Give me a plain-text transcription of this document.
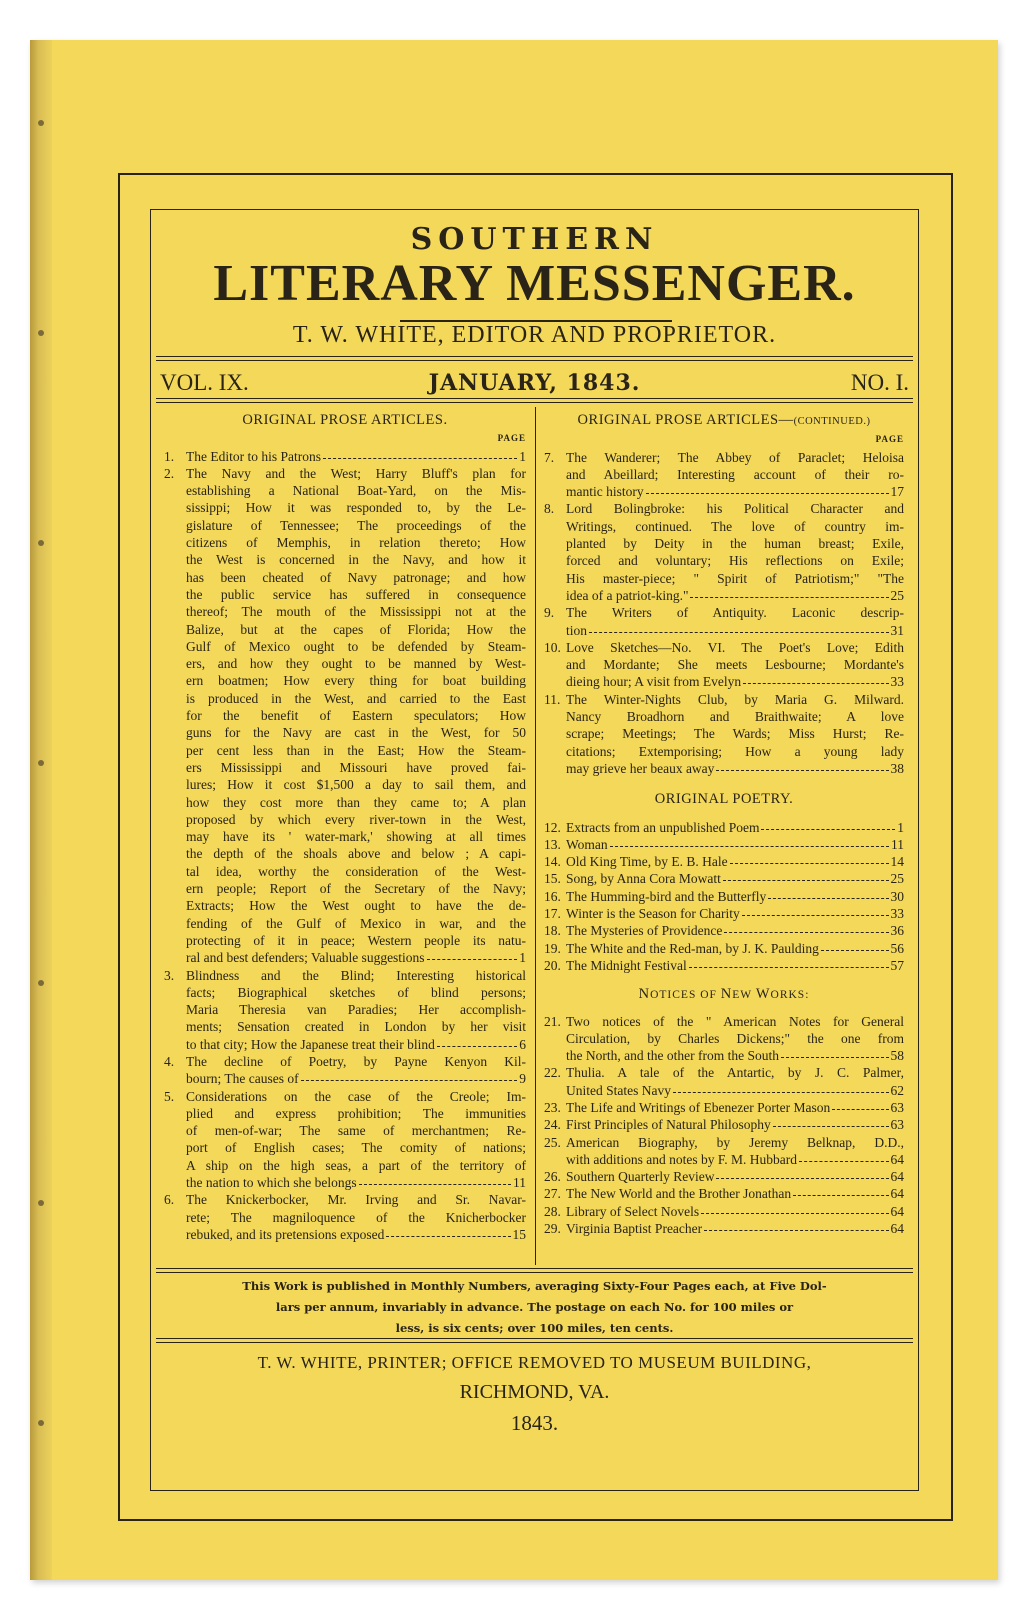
SOUTHERN
LITERARY MESSENGER.
T. W. WHITE, EDITOR AND PROPRIETOR.
VOL. IX.	JANUARY, 1843.	NO. I.
ORIGINAL PROSE ARTICLES.
PAGE
1. The Editor to his Patrons	1
2. The Navy and the West; Harry Bluff's plan for
establishing a National Boat-Yard, on the Mis-
sissippi; How it was responded to, by the Le-
gislature of Tennessee; The proceedings of the
citizens of Memphis, in relation thereto; How
the West is concerned in the Navy, and how it
has been cheated of Navy patronage; and how
the public service has suffered in consequence
thereof; The mouth of the Mississippi not at the
Balize, but at the capes of Florida; How the
Gulf of Mexico ought to be defended by Steam-
ers, and how they ought to be manned by West-
ern boatmen; How every thing for boat building
is produced in the West, and carried to the East
for the benefit of Eastern speculators; How
guns for the Navy are cast in the West, for 50
per cent less than in the East; How the Steam-
ers Mississippi and Missouri have proved fai-
lures; How it cost $1,500 a day to sail them, and
how they cost more than they came to; A plan
proposed by which every river-town in the West,
may have its ' water-mark,' showing at all times
the depth of the shoals above and below ; A capi-
tal idea, worthy the consideration of the West-
ern people; Report of the Secretary of the Navy;
Extracts; How the West ought to have the de-
fending of the Gulf of Mexico in war, and the
protecting of it in peace; Western people its natu-
ral and best defenders; Valuable suggestions	1
3. Blindness and the Blind; Interesting historical
facts; Biographical sketches of blind persons;
Maria Theresia van Paradies; Her accomplish-
ments; Sensation created in London by her visit
to that city; How the Japanese treat their blind	6
4. The decline of Poetry, by Payne Kenyon Kil-
bourn; The causes of	9
5. Considerations on the case of the Creole; Im-
plied and express prohibition; The immunities
of men-of-war; The same of merchantmen; Re-
port of English cases; The comity of nations;
A ship on the high seas, a part of the territory of
the nation to which she belongs	11
6. The Knickerbocker, Mr. Irving and Sr. Navar-
rete; The magniloquence of the Knicherbocker
rebuked, and its pretensions exposed	15
ORIGINAL PROSE ARTICLES—(CONTINUED.)
PAGE
7. The Wanderer; The Abbey of Paraclet; Heloisa
and Abeillard; Interesting account of their ro-
mantic history	17
8. Lord Bolingbroke: his Political Character and
Writings, continued. The love of country im-
planted by Deity in the human breast; Exile,
forced and voluntary; His reflections on Exile;
His master-piece; " Spirit of Patriotism;" "The
idea of a patriot-king."	25
9. The Writers of Antiquity. Laconic descrip-
tion	31
10. Love Sketches—No. VI. The Poet's Love; Edith
and Mordante; She meets Lesbourne; Mordante's
dieing hour; A visit from Evelyn	33
11. The Winter-Nights Club, by Maria G. Milward.
Nancy Broadhorn and Braithwaite; A love
scrape; Meetings; The Wards; Miss Hurst; Re-
citations; Extemporising; How a young lady
may grieve her beaux away	38
ORIGINAL POETRY.
12. Extracts from an unpublished Poem	1
13. Woman	11
14. Old King Time, by E. B. Hale	14
15. Song, by Anna Cora Mowatt	25
16. The Humming-bird and the Butterfly	30
17. Winter is the Season for Charity	33
18. The Mysteries of Providence	36
19. The White and the Red-man, by J. K. Paulding	56
20. The Midnight Festival	57
NOTICES OF NEW WORKS:
21. Two notices of the " American Notes for General
Circulation, by Charles Dickens;" the one from
the North, and the other from the South	58
22. Thulia. A tale of the Antartic, by J. C. Palmer,
United States Navy	62
23. The Life and Writings of Ebenezer Porter Mason	63
24. First Principles of Natural Philosophy	63
25. American Biography, by Jeremy Belknap, D.D.,
with additions and notes by F. M. Hubbard	64
26. Southern Quarterly Review	64
27. The New World and the Brother Jonathan	64
28. Library of Select Novels	64
29. Virginia Baptist Preacher	64
This Work is published in Monthly Numbers, averaging Sixty-Four Pages each, at Five Dol-
lars per annum, invariably in advance. The postage on each No. for 100 miles or
less, is six cents; over 100 miles, ten cents.
T. W. WHITE, PRINTER; OFFICE REMOVED TO MUSEUM BUILDING,
RICHMOND, VA.
1843.
